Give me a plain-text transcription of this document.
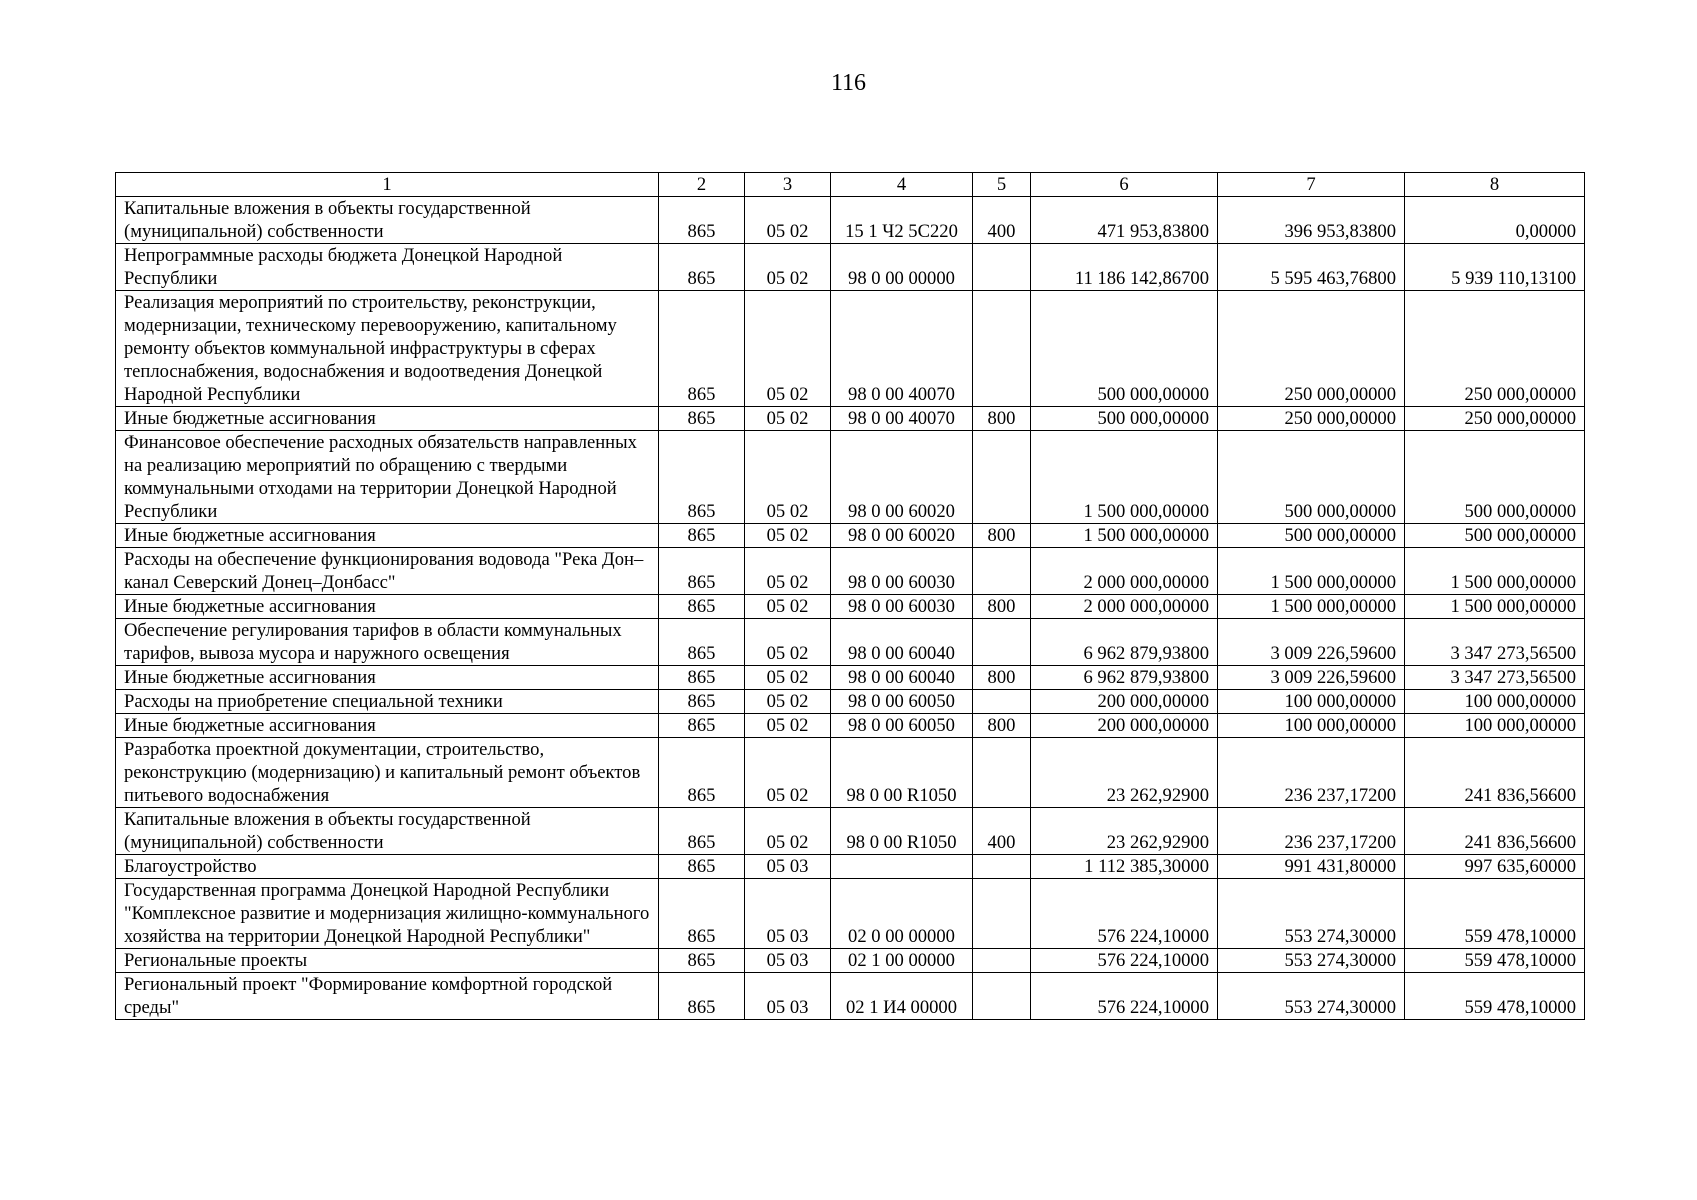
116
1	2	3	4	5	6	7	8
Капитальные вложения в объекты государственной (муниципальной) собственности	865	05 02	15 1 Ч2 5С220	400	471 953,83800	396 953,83800	0,00000
Непрограммные расходы бюджета Донецкой Народной Республики	865	05 02	98 0 00 00000		11 186 142,86700	5 595 463,76800	5 939 110,13100
Реализация мероприятий по строительству, реконструкции, модернизации, техническому перевооружению, капитальному ремонту объектов коммунальной инфраструктуры в сферах теплоснабжения, водоснабжения и водоотведения Донецкой Народной Республики	865	05 02	98 0 00 40070		500 000,00000	250 000,00000	250 000,00000
Иные бюджетные ассигнования	865	05 02	98 0 00 40070	800	500 000,00000	250 000,00000	250 000,00000
Финансовое обеспечение расходных обязательств направленных на реализацию мероприятий по обращению с твердыми коммунальными отходами на территории Донецкой Народной Республики	865	05 02	98 0 00 60020		1 500 000,00000	500 000,00000	500 000,00000
Иные бюджетные ассигнования	865	05 02	98 0 00 60020	800	1 500 000,00000	500 000,00000	500 000,00000
Расходы на обеспечение функционирования водовода "Река Дон–канал Северский Донец–Донбасс"	865	05 02	98 0 00 60030		2 000 000,00000	1 500 000,00000	1 500 000,00000
Иные бюджетные ассигнования	865	05 02	98 0 00 60030	800	2 000 000,00000	1 500 000,00000	1 500 000,00000
Обеспечение регулирования тарифов в области коммунальных тарифов, вывоза мусора и наружного освещения	865	05 02	98 0 00 60040		6 962 879,93800	3 009 226,59600	3 347 273,56500
Иные бюджетные ассигнования	865	05 02	98 0 00 60040	800	6 962 879,93800	3 009 226,59600	3 347 273,56500
Расходы на приобретение специальной техники	865	05 02	98 0 00 60050		200 000,00000	100 000,00000	100 000,00000
Иные бюджетные ассигнования	865	05 02	98 0 00 60050	800	200 000,00000	100 000,00000	100 000,00000
Разработка проектной документации, строительство, реконструкцию (модернизацию) и капитальный ремонт объектов питьевого водоснабжения	865	05 02	98 0 00 R1050		23 262,92900	236 237,17200	241 836,56600
Капитальные вложения в объекты государственной (муниципальной) собственности	865	05 02	98 0 00 R1050	400	23 262,92900	236 237,17200	241 836,56600
Благоустройство	865	05 03			1 112 385,30000	991 431,80000	997 635,60000
Государственная программа Донецкой Народной Республики "Комплексное развитие и модернизация жилищно-коммунального хозяйства на территории Донецкой Народной Республики"	865	05 03	02 0 00 00000		576 224,10000	553 274,30000	559 478,10000
Региональные проекты	865	05 03	02 1 00 00000		576 224,10000	553 274,30000	559 478,10000
Региональный проект "Формирование комфортной городской среды"	865	05 03	02 1 И4 00000		576 224,10000	553 274,30000	559 478,10000
